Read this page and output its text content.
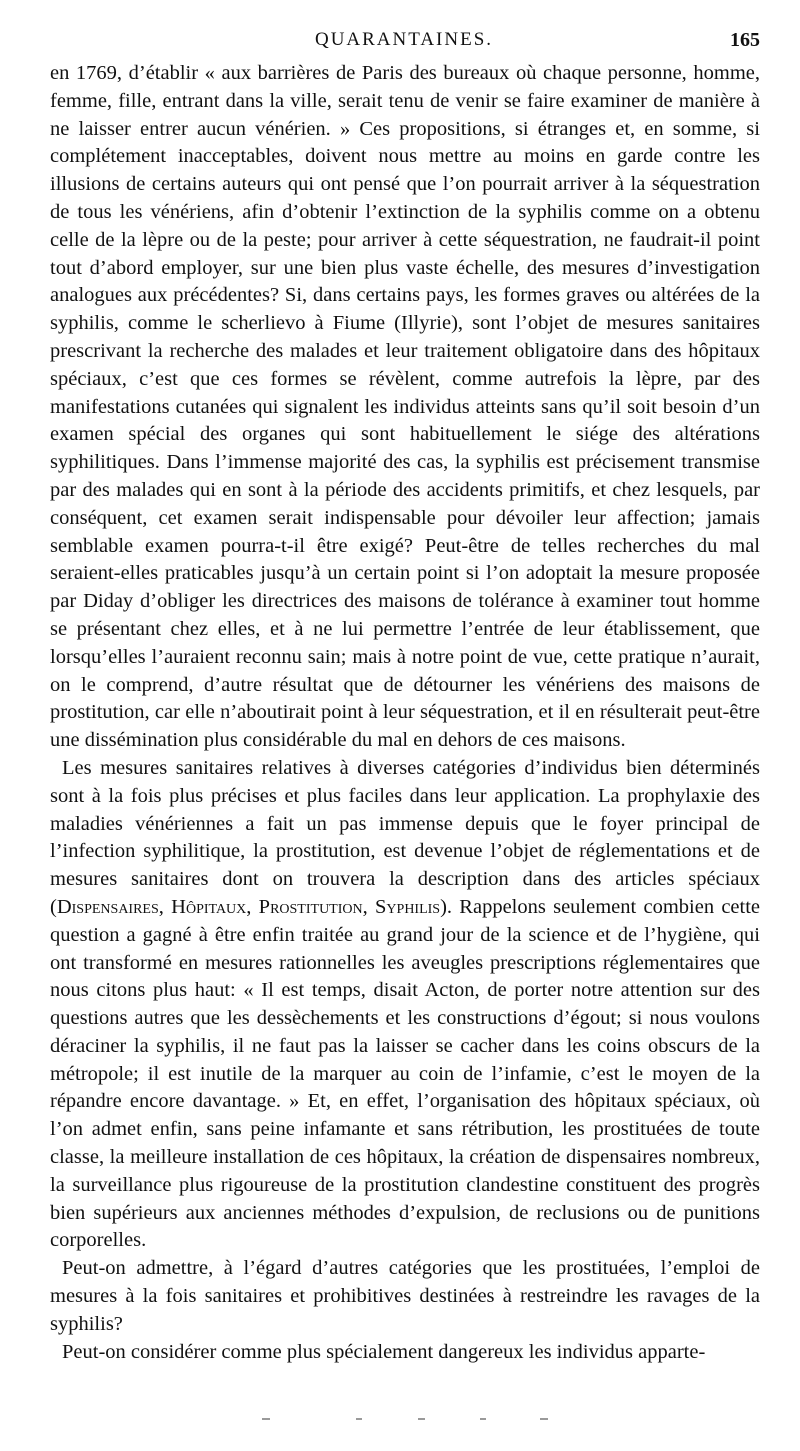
QUARANTAINES.	165

en 1769, d’établir « aux barrières de Paris des bureaux où chaque personne, homme, femme, fille, entrant dans la ville, serait tenu de venir se faire examiner de manière à ne laisser entrer aucun vénérien. » Ces propositions, si étranges et, en somme, si complétement inacceptables, doivent nous mettre au moins en garde contre les illusions de certains auteurs qui ont pensé que l’on pourrait arriver à la séquestration de tous les vénériens, afin d’obtenir l’extinction de la syphilis comme on a obtenu celle de la lèpre ou de la peste; pour arriver à cette séquestration, ne faudrait-il point tout d’abord employer, sur une bien plus vaste échelle, des mesures d’investigation analogues aux précédentes? Si, dans certains pays, les formes graves ou altérées de la syphilis, comme le scherlievo à Fiume (Illyrie), sont l’objet de mesures sanitaires prescrivant la recherche des malades et leur traitement obligatoire dans des hôpitaux spéciaux, c’est que ces formes se révèlent, comme autrefois la lèpre, par des manifestations cutanées qui signalent les individus atteints sans qu’il soit besoin d’un examen spécial des organes qui sont habituellement le siége des altérations syphilitiques. Dans l’immense majorité des cas, la syphilis est précisement transmise par des malades qui en sont à la période des accidents primitifs, et chez lesquels, par conséquent, cet examen serait indispensable pour dévoiler leur affection; jamais semblable examen pourra-t-il être exigé? Peut-être de telles recherches du mal seraient-elles praticables jusqu’à un certain point si l’on adoptait la mesure proposée par Diday d’obliger les directrices des maisons de tolérance à examiner tout homme se présentant chez elles, et à ne lui permettre l’entrée de leur établissement, que lorsqu’elles l’auraient reconnu sain; mais à notre point de vue, cette pratique n’aurait, on le comprend, d’autre résultat que de détourner les vénériens des maisons de prostitution, car elle n’aboutirait point à leur séquestration, et il en résulterait peut-être une dissémination plus considérable du mal en dehors de ces maisons.

Les mesures sanitaires relatives à diverses catégories d’individus bien déterminés sont à la fois plus précises et plus faciles dans leur application. La prophylaxie des maladies vénériennes a fait un pas immense depuis que le foyer principal de l’infection syphilitique, la prostitution, est devenue l’objet de réglementations et de mesures sanitaires dont on trouvera la description dans des articles spéciaux (Dispensaires, Hôpitaux, Prostitution, Syphilis). Rappelons seulement combien cette question a gagné à être enfin traitée au grand jour de la science et de l’hygiène, qui ont transformé en mesures rationnelles les aveugles prescriptions réglementaires que nous citons plus haut: « Il est temps, disait Acton, de porter notre attention sur des questions autres que les dessèchements et les constructions d’égout; si nous voulons déraciner la syphilis, il ne faut pas la laisser se cacher dans les coins obscurs de la métropole; il est inutile de la marquer au coin de l’infamie, c’est le moyen de la répandre encore davantage. » Et, en effet, l’organisation des hôpitaux spéciaux, où l’on admet enfin, sans peine infamante et sans rétribution, les prostituées de toute classe, la meilleure installation de ces hôpitaux, la création de dispensaires nombreux, la surveillance plus rigoureuse de la prostitution clandestine constituent des progrès bien supérieurs aux anciennes méthodes d’expulsion, de reclusions ou de punitions corporelles.

Peut-on admettre, à l’égard d’autres catégories que les prostituées, l’emploi de mesures à la fois sanitaires et prohibitives destinées à restreindre les ravages de la syphilis?

Peut-on considérer comme plus spécialement dangereux les individus apparte-
